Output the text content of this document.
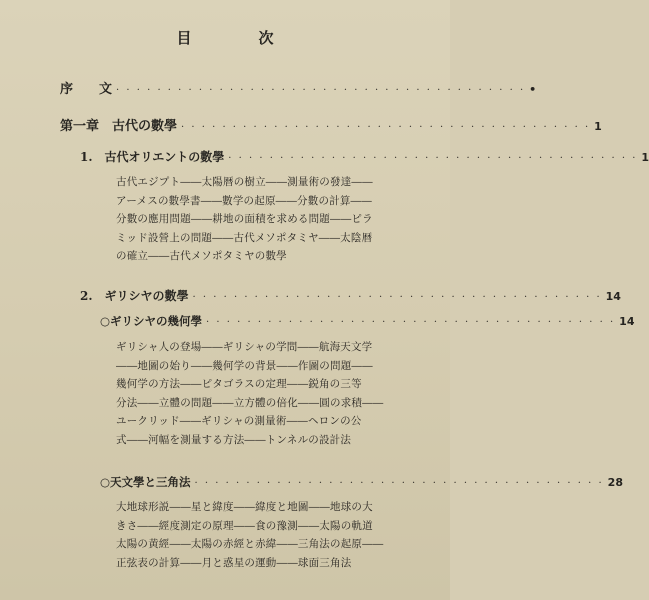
目　次
序　　文 · · · · · · · · · · · · · · · · · · · · · · · · · · · · · · · · · · · · · · · · •
第一章　古代の數學 · · · · · · · · · · · · · · · · · · · · · · · · · · · · · · · · · · · · · · · · 1
1.　古代オリエントの數學 · · · · · · · · · · · · · · · · · · · · · · · · · · · · · · · · · · · · · · · · 1
古代エジプト――太陽暦の樹立――測量術の發達――
アーメスの數學書――數学の起原――分數の計算――
分數の應用問題――耕地の面積を求める問題――ピラ
ミッド設營上の問題――古代メソポタミヤ――太陰暦
の確立――古代メソポタミヤの數學
2.　ギリシヤの數學 · · · · · · · · · · · · · · · · · · · · · · · · · · · · · · · · · · · · · · · · 14
○ギリシヤの幾何學 · · · · · · · · · · · · · · · · · · · · · · · · · · · · · · · · · · · · · · · · 14
ギリシャ人の登場――ギリシャの学問――航海天文学
――地圖の始り――幾何学の背景――作圖の問題――
幾何学の方法――ピタゴラスの定理――鋭角の三等
分法――立體の問題――立方體の倍化――圓の求積――
ユークリッド――ギリシャの測量術――ヘロンの公
式――河幅を測量する方法――トンネルの設計法
○天文學と三角法 · · · · · · · · · · · · · · · · · · · · · · · · · · · · · · · · · · · · · · · · 28
大地球形説――星と緯度――緯度と地圖――地球の大
きさ――經度測定の原理――食の豫測――太陽の軌道
太陽の黄經――太陽の赤經と赤緯――三角法の起原――
正弦表の計算――月と惑星の運動――球面三角法
